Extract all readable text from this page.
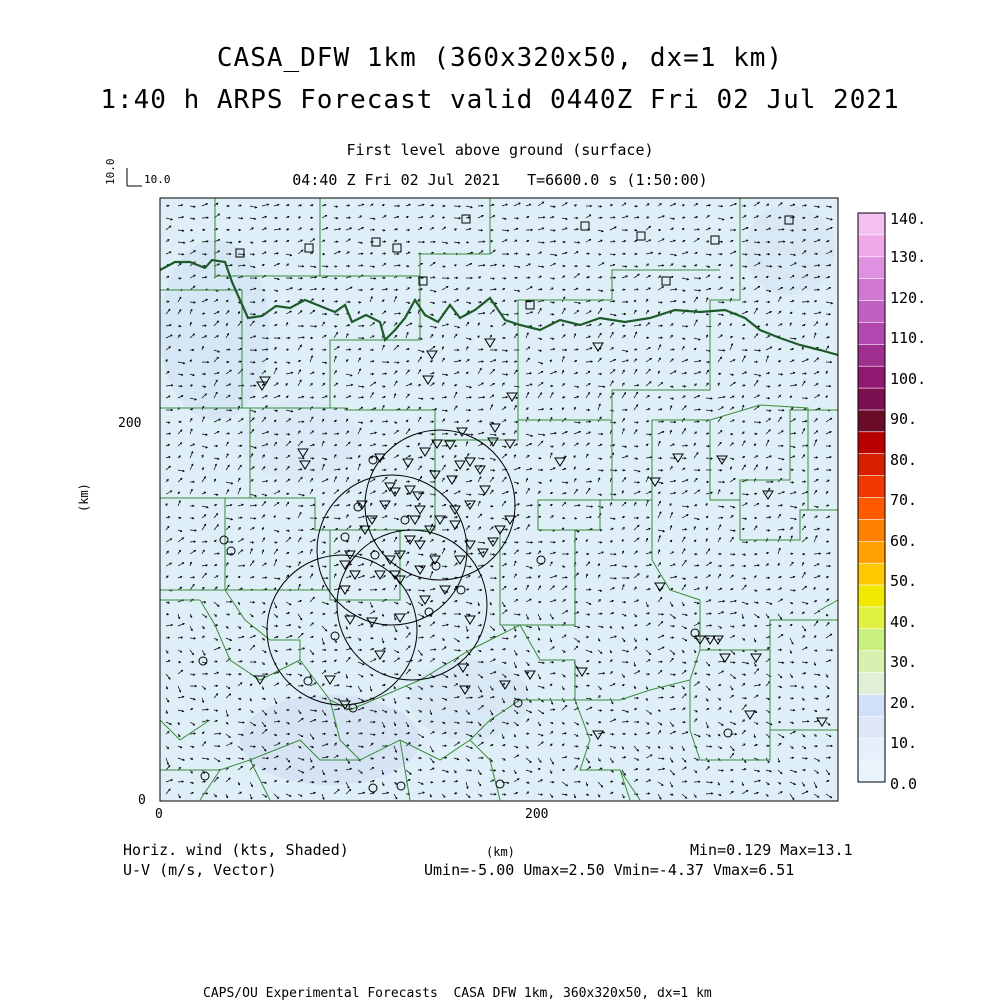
CASA_DFW 1km (360x320x50, dx=1 km)
1:40 h ARPS Forecast valid 0440Z Fri 02 Jul 2021
First level above ground (surface)
04:40 Z Fri 02 Jul 2021   T=6600.0 s (1:50:00)
10.0 10.0
(km)
200
0
0	200
140.
130.
120.
110.
100.
90.
80.
70.
60.
50.
40.
30.
20.
10.
0.0
Horiz. wind (kts, Shaded)
U-V (m/s, Vector)
(km)	Min=0.129 Max=13.1
Umin=-5.00 Umax=2.50 Vmin=-4.37 Vmax=6.51
CAPS/OU Experimental Forecasts  CASA DFW 1km, 360x320x50, dx=1 km
